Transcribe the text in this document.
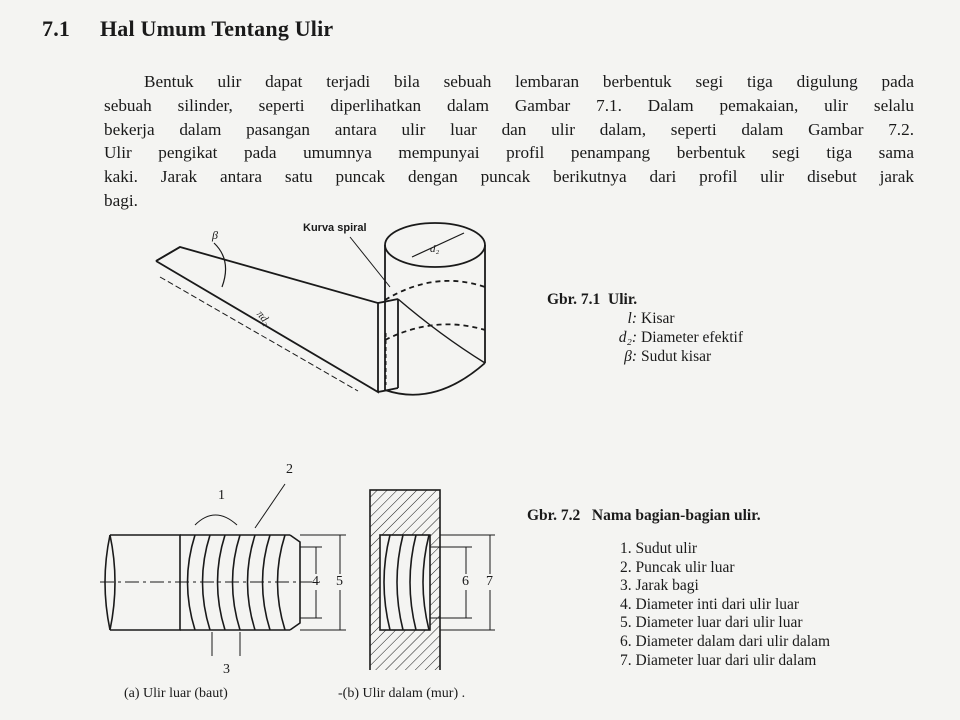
7.1 Hal Umum Tentang Ulir
Bentuk ulir dapat terjadi bila sebuah lembaran berbentuk segi tiga digulung pada
sebuah silinder, seperti diperlihatkan dalam Gambar 7.1. Dalam pemakaian, ulir selalu
bekerja dalam pasangan antara ulir luar dan ulir dalam, seperti dalam Gambar 7.2.
Ulir pengikat pada umumnya mempunyai profil penampang berbentuk segi tiga sama
kaki. Jarak antara satu puncak dengan puncak berikutnya dari profil ulir disebut jarak
bagi.
Kurva spiral
β
d₂
πd₂
Gbr. 7.1 Ulir.
l: Kisar
d₂: Diameter efektif
β: Sudut kisar
1
2
3
4 5	6 7
(a) Ulir luar (baut)	-(b) Ulir dalam (mur) .
Gbr. 7.2 Nama bagian-bagian ulir.
1. Sudut ulir
2. Puncak ulir luar
3. Jarak bagi
4. Diameter inti dari ulir luar
5. Diameter luar dari ulir luar
6. Diameter dalam dari ulir dalam
7. Diameter luar dari ulir dalam
